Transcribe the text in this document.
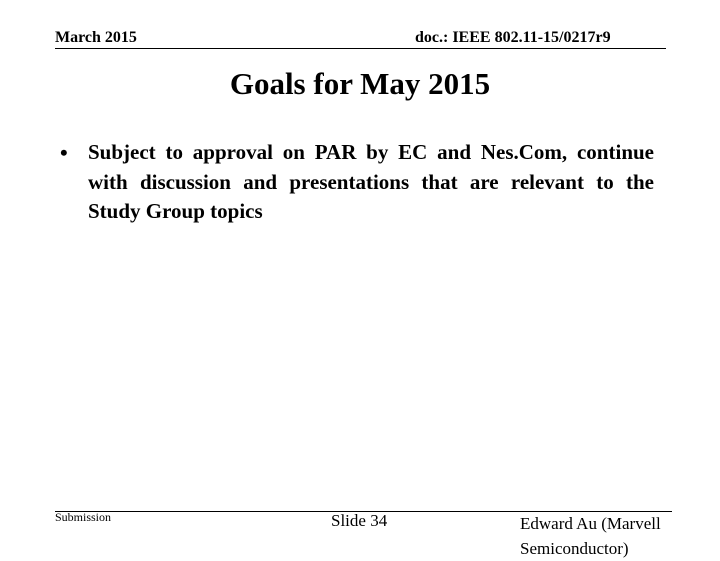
March 2015	doc.: IEEE 802.11-15/0217r9
Goals for May 2015
• Subject to approval on PAR by EC and Nes.Com, continue with discussion and presentations that are relevant to the Study Group topics
Submission	Slide 34	Edward Au (Marvell Semiconductor)
